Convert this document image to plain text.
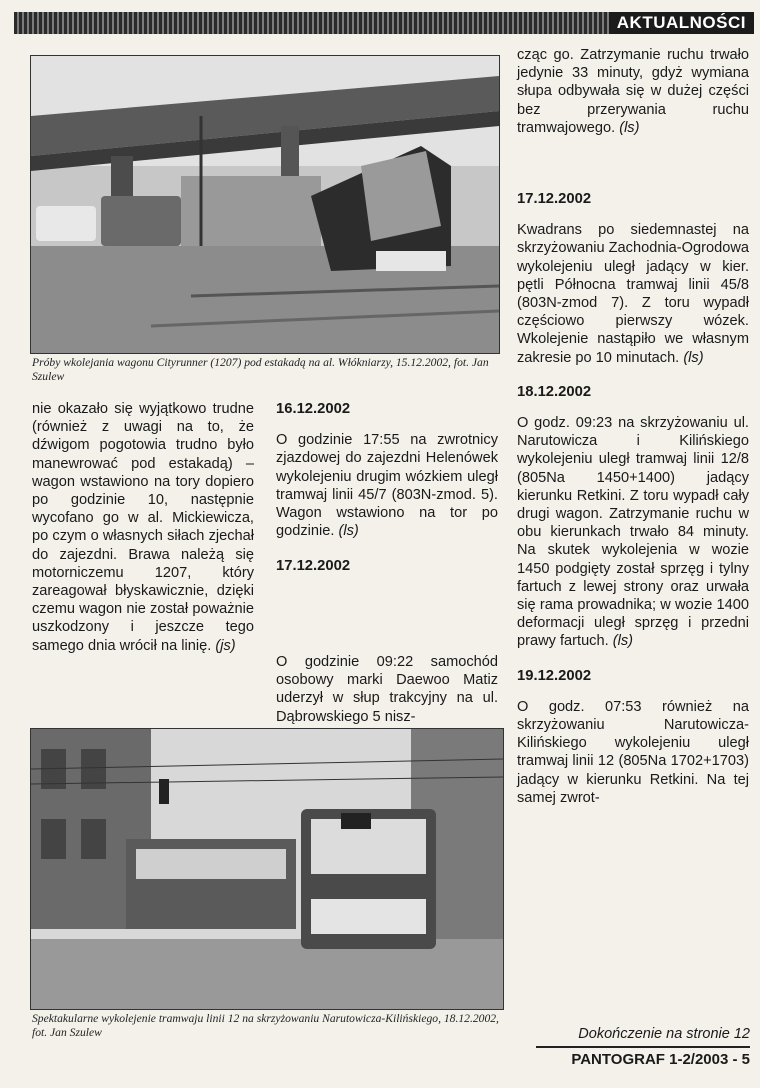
AKTUALNOŚCI
Próby wkolejania wagonu Cityrunner (1207) pod estakadą na al. Włókniarzy, 15.12.2002, fot. Jan Szulew

nie okazało się wyjątkowo trudne (również z uwagi na to, że dźwigom pogotowia trudno było manewrować pod estakadą) – wagon wstawiono na tory dopiero po godzinie 10, następnie wycofano go w al. Mickiewicza, po czym o własnych siłach zjechał do zajezdni. Brawa należą się motorniczemu 1207, który zareagował błyskawicznie, dzięki czemu wagon nie został poważnie uszkodzony i jeszcze tego samego dnia wrócił na linię. (js)

16.12.2002

O godzinie 17:55 na zwrotnicy zjazdowej do zajezdni Helenówek wykolejeniu drugim wózkiem uległ tramwaj linii 45/7 (803N-zmod. 5). Wagon wstawiono na tor po godzinie. (ls)

17.12.2002

O godzinie 09:22 samochód osobowy marki Daewoo Matiz uderzył w słup trakcyjny na ul. Dąbrowskiego 5 nisz-

Spektakularne wykolejenie tramwaju linii 12 na skrzyżowaniu Narutowicza-Kilińskiego, 18.12.2002, fot. Jan Szulew

cząc go. Zatrzymanie ruchu trwało jedynie 33 minuty, gdyż wymiana słupa odbywała się w dużej części bez przerywania ruchu tramwajowego. (ls)

17.12.2002

Kwadrans po siedemnastej na skrzyżowaniu Zachodnia-Ogrodowa wykolejeniu uległ jadący w kier. pętli Północna tramwaj linii 45/8 (803N-zmod 7). Z toru wypadł częściowo pierwszy wózek. Wkolejenie nastąpiło we własnym zakresie po 10 minutach. (ls)

18.12.2002

O godz. 09:23 na skrzyżowaniu ul. Narutowicza i Kilińskiego wykolejeniu uległ tramwaj linii 12/8 (805Na 1450+1400) jadący kierunku Retkini. Z toru wypadł cały drugi wagon. Zatrzymanie ruchu w obu kierunkach trwało 84 minuty. Na skutek wykolejenia w wozie 1450 podgięty został sprzęg i tylny fartuch z lewej strony oraz urwała się rama prowadnika; w wozie 1400 deformacji uległ sprzęg i przedni prawy fartuch. (ls)

19.12.2002

O godz. 07:53 również na skrzyżowaniu Narutowicza-Kilińskiego wykolejeniu uległ tramwaj linii 12 (805Na 1702+1703) jadący w kierunku Retkini. Na tej samej zwrot-

Dokończenie na stronie 12
PANTOGRAF 1-2/2003 - 5
